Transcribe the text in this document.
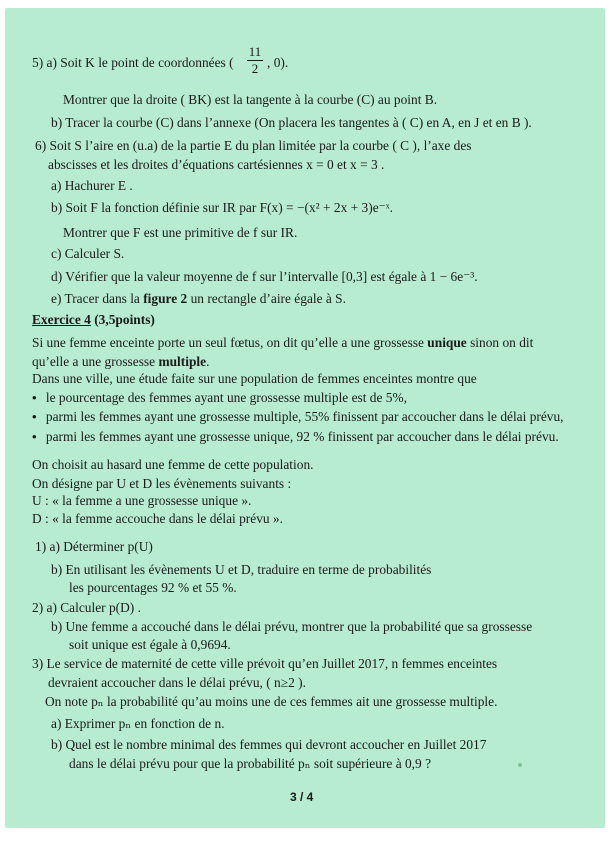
5) a) Soit K le point de coordonnées (
11
2 , 0).
Montrer que la droite ( BK) est la tangente à la courbe (C) au point B.
b) Tracer la courbe (C) dans l’annexe (On placera les tangentes à ( C) en A, en J et en B ).
6) Soit S l’aire en (u.a) de la partie E du plan limitée par la courbe ( C ), l’axe des
abscisses et les droites d’équations cartésiennes x = 0 et x = 3 .
a) Hachurer E .
b) Soit F la fonction définie sur IR par F(x) = −(x² + 2x + 3)e⁻ˣ.
Montrer que F est une primitive de f sur IR.
c) Calculer S.
d) Vérifier que la valeur moyenne de f sur l’intervalle [0,3] est égale à 1 − 6e⁻³.
e) Tracer dans la figure 2 un rectangle d’aire égale à S.
Exercice 4 (3,5points)
Si une femme enceinte porte un seul fœtus, on dit qu’elle a une grossesse unique sinon on dit
qu’elle a une grossesse multiple.
Dans une ville, une étude faite sur une population de femmes enceintes montre que
• le pourcentage des femmes ayant une grossesse multiple est de 5%,
• parmi les femmes ayant une grossesse multiple, 55% finissent par accoucher dans le délai prévu,
• parmi les femmes ayant une grossesse unique, 92 % finissent par accoucher dans le délai prévu.
On choisit au hasard une femme de cette population.
On désigne par U et D les évènements suivants :
U : « la femme a une grossesse unique ».
D : « la femme accouche dans le délai prévu ».
1) a) Déterminer p(U)
b) En utilisant les évènements U et D, traduire en terme de probabilités
les pourcentages 92 % et 55 %.
2) a) Calculer p(D) .
b) Une femme a accouché dans le délai prévu, montrer que la probabilité que sa grossesse
soit unique est égale à 0,9694.
3) Le service de maternité de cette ville prévoit qu’en Juillet 2017, n femmes enceintes
devraient accoucher dans le délai prévu, ( n≥2 ).
On note pₙ la probabilité qu’au moins une de ces femmes ait une grossesse multiple.
a) Exprimer pₙ en fonction de n.
b) Quel est le nombre minimal des femmes qui devront accoucher en Juillet 2017
dans le délai prévu pour que la probabilité pₙ soit supérieure à 0,9 ?
3 / 4
